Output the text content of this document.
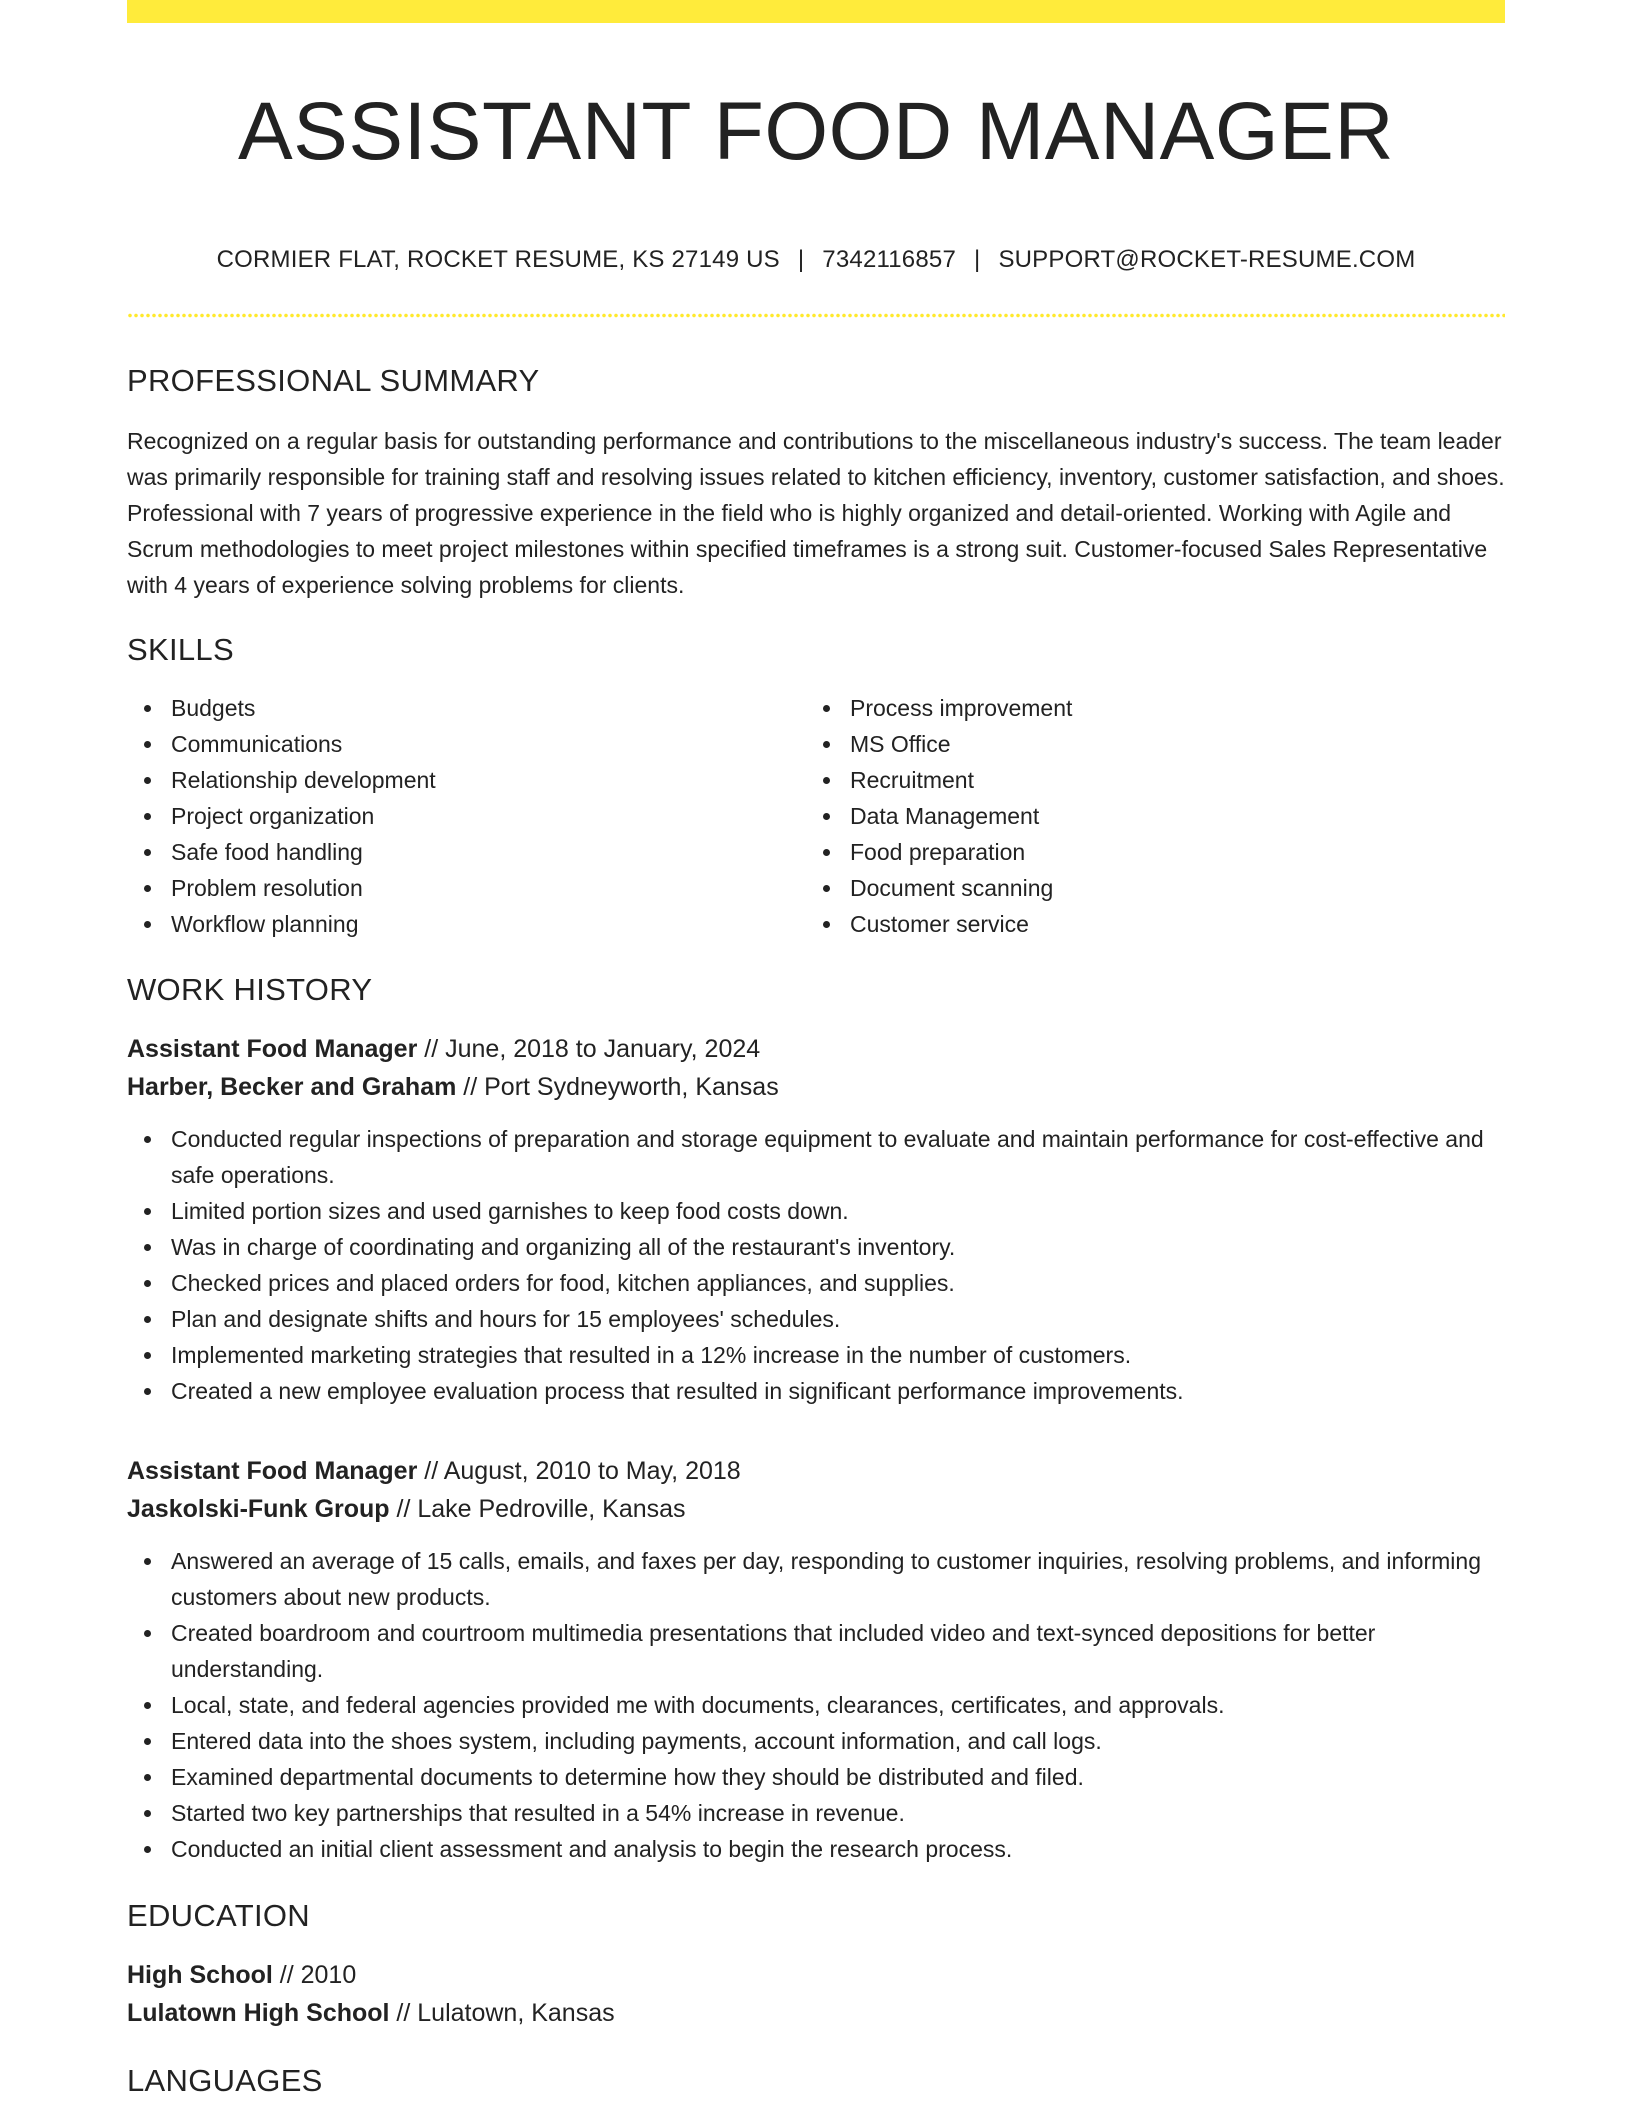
ASSISTANT FOOD MANAGER
CORMIER FLAT, ROCKET RESUME, KS 27149 US | 7342116857 | SUPPORT@ROCKET-RESUME.COM
PROFESSIONAL SUMMARY

Recognized on a regular basis for outstanding performance and contributions to the miscellaneous industry's success. The team leader was primarily responsible for training staff and resolving issues related to kitchen efficiency, inventory, customer satisfaction, and shoes. Professional with 7 years of progressive experience in the field who is highly organized and detail-oriented. Working with Agile and Scrum methodologies to meet project milestones within specified timeframes is a strong suit. Customer-focused Sales Representative with 4 years of experience solving problems for clients.

SKILLS
Budgets
Communications
Relationship development
Project organization
Safe food handling
Problem resolution
Workflow planning
Process improvement
MS Office
Recruitment
Data Management
Food preparation
Document scanning
Customer service
WORK HISTORY
Assistant Food Manager // June, 2018 to January, 2024
Harber, Becker and Graham // Port Sydneyworth, Kansas
Conducted regular inspections of preparation and storage equipment to evaluate and maintain performance for cost-effective and safe operations.
Limited portion sizes and used garnishes to keep food costs down.
Was in charge of coordinating and organizing all of the restaurant's inventory.
Checked prices and placed orders for food, kitchen appliances, and supplies.
Plan and designate shifts and hours for 15 employees' schedules.
Implemented marketing strategies that resulted in a 12% increase in the number of customers.
Created a new employee evaluation process that resulted in significant performance improvements.
Assistant Food Manager // August, 2010 to May, 2018
Jaskolski-Funk Group // Lake Pedroville, Kansas
Answered an average of 15 calls, emails, and faxes per day, responding to customer inquiries, resolving problems, and informing customers about new products.
Created boardroom and courtroom multimedia presentations that included video and text-synced depositions for better understanding.
Local, state, and federal agencies provided me with documents, clearances, certificates, and approvals.
Entered data into the shoes system, including payments, account information, and call logs.
Examined departmental documents to determine how they should be distributed and filed.
Started two key partnerships that resulted in a 54% increase in revenue.
Conducted an initial client assessment and analysis to begin the research process.
EDUCATION
High School // 2010
Lulatown High School // Lulatown, Kansas
LANGUAGES
